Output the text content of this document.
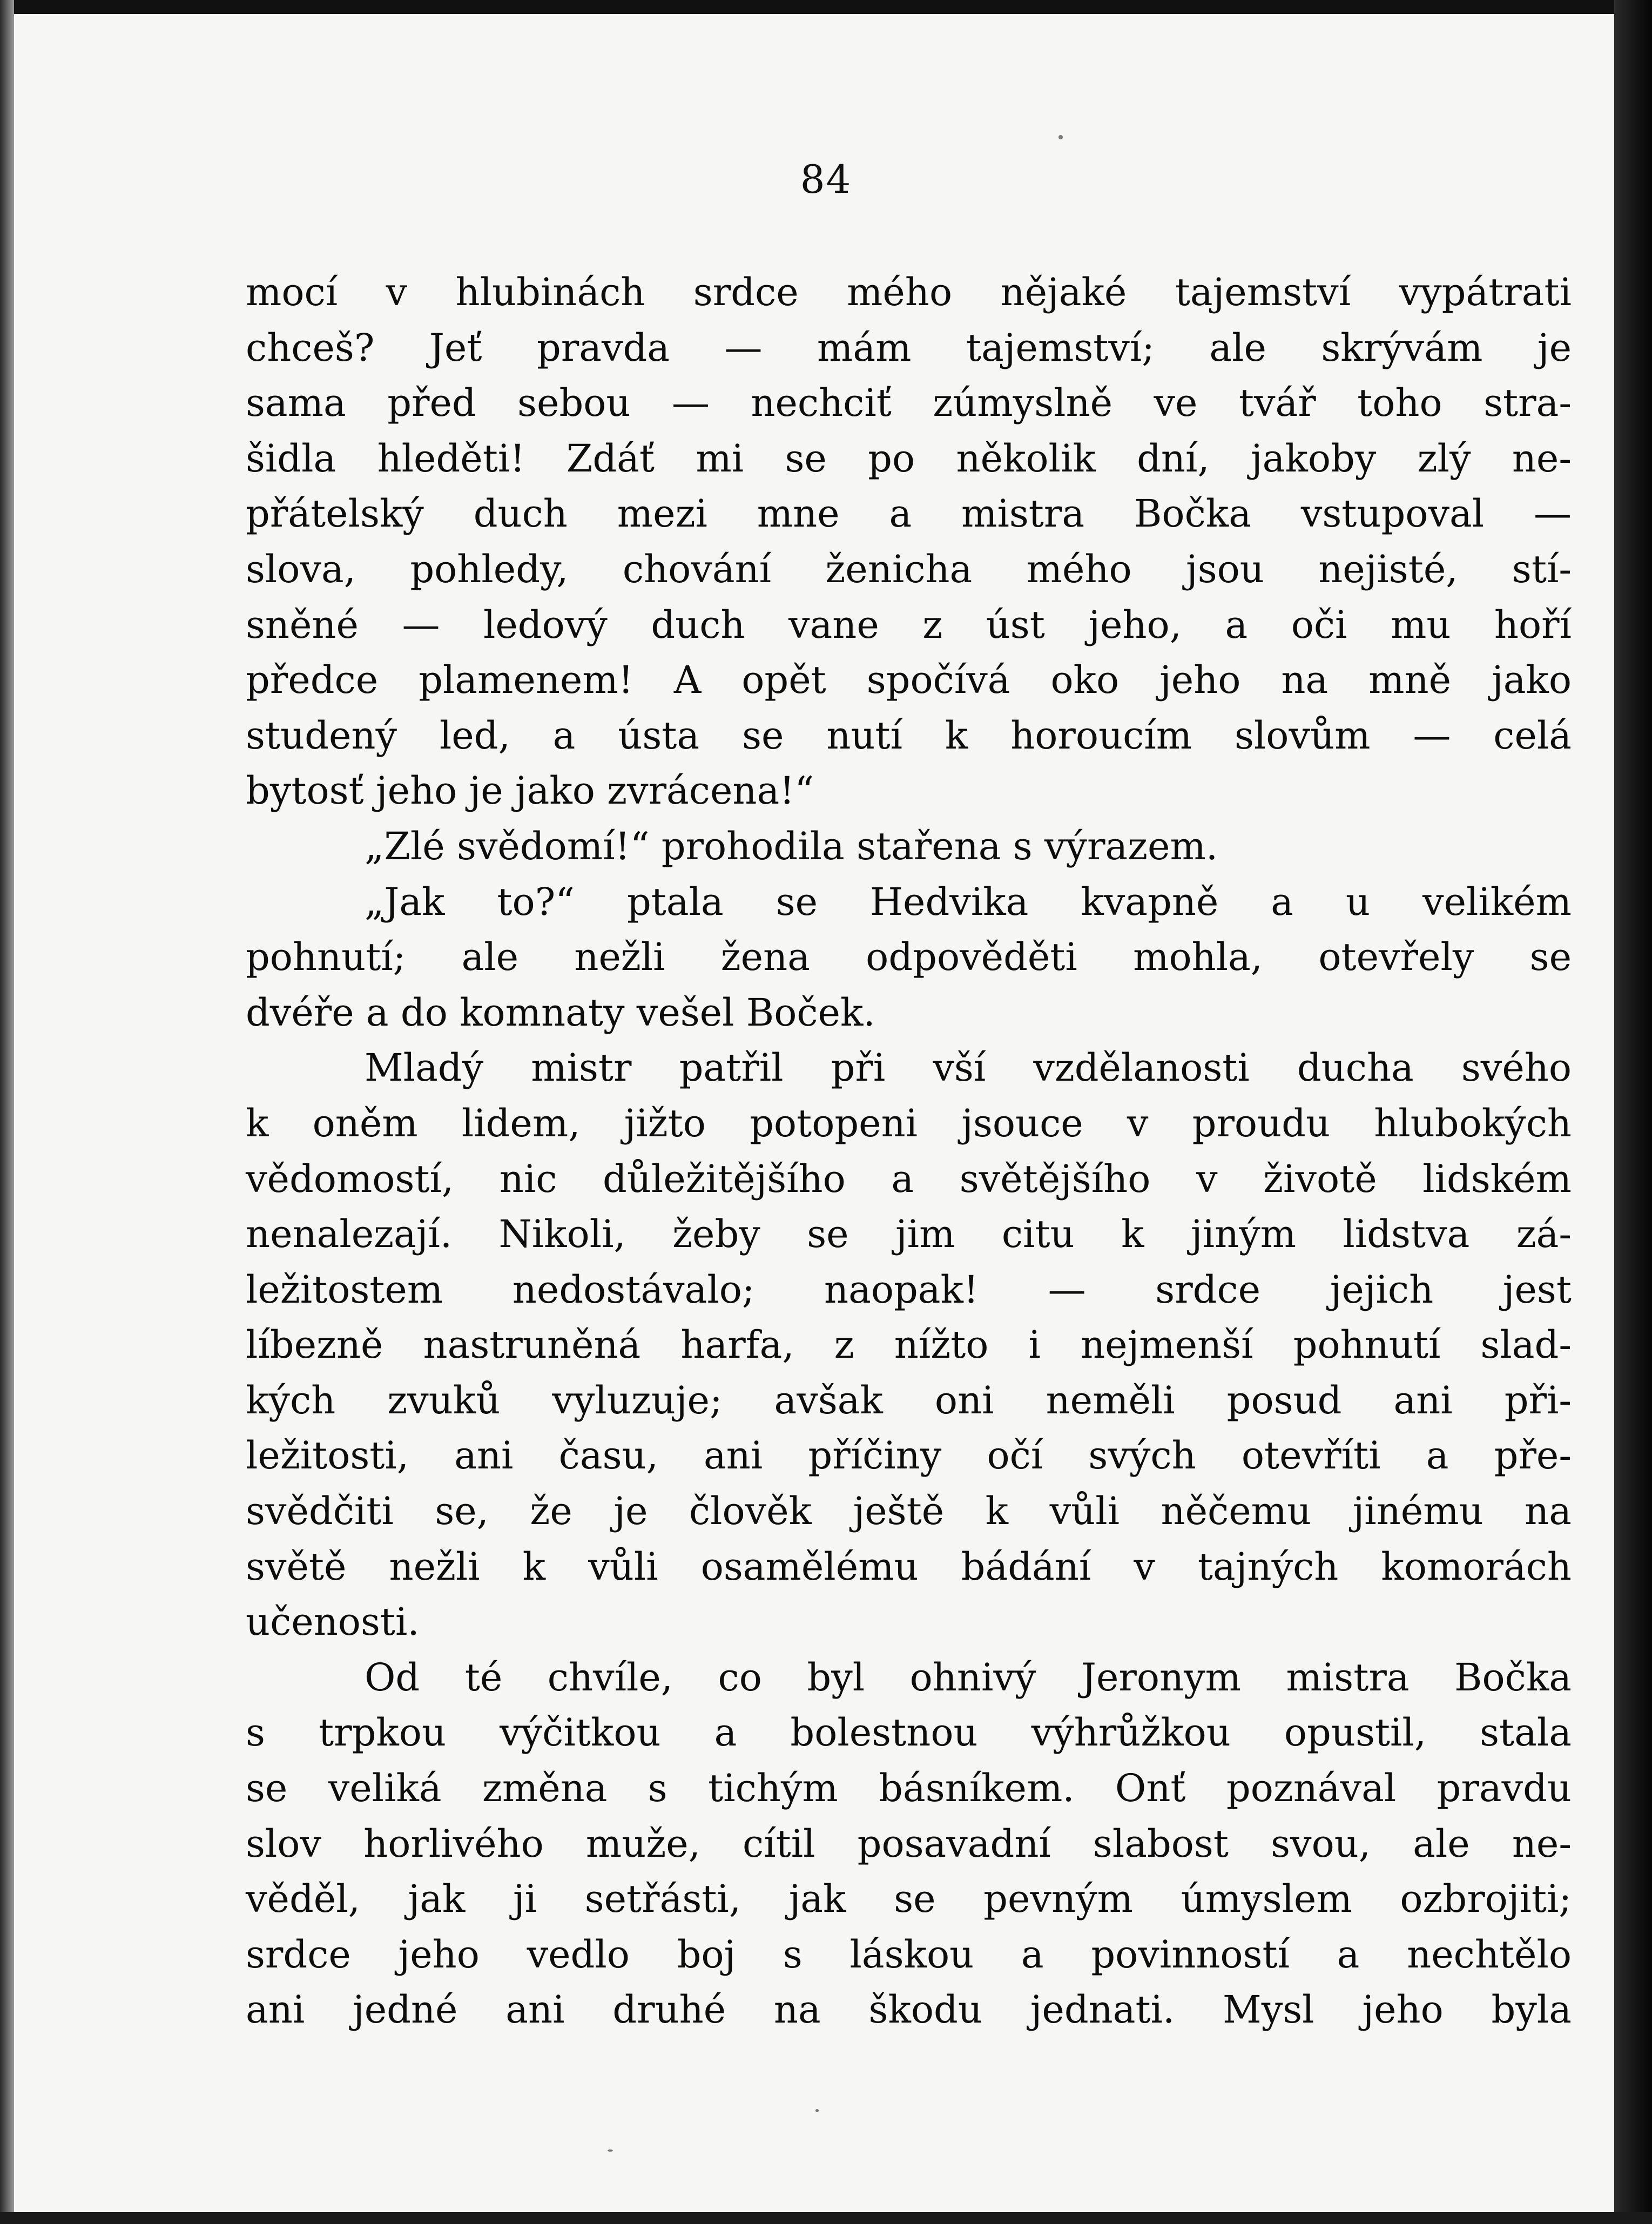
84
mocí v hlubinách srdce mého nějaké tajemství vypátrati
chceš? Jeť pravda — mám tajemství; ale skrývám je
sama před sebou — nechciť zúmyslně ve tvář toho stra-
šidla hleděti! Zdáť mi se po několik dní, jakoby zlý ne-
přátelský duch mezi mne a mistra Bočka vstupoval —
slova, pohledy, chování ženicha mého jsou nejisté, stí-
sněné — ledový duch vane z úst jeho, a oči mu hoří
předce plamenem! A opět spočívá oko jeho na mně jako
studený led, a ústa se nutí k horoucím slovům — celá
bytosť jeho je jako zvrácena!“
„Zlé svědomí!“ prohodila stařena s výrazem.
„Jak to?“ ptala se Hedvika kvapně a u velikém
pohnutí; ale nežli žena odpověděti mohla, otevřely se
dvéře a do komnaty vešel Boček.
Mladý mistr patřil při vší vzdělanosti ducha svého
k oněm lidem, jižto potopeni jsouce v proudu hlubokých
vědomostí, nic důležitějšího a světějšího v životě lidském
nenalezají. Nikoli, žeby se jim citu k jiným lidstva zá-
ležitostem nedostávalo; naopak! — srdce jejich jest
líbezně nastruněná harfa, z nížto i nejmenší pohnutí slad-
kých zvuků vyluzuje; avšak oni neměli posud ani při-
ležitosti, ani času, ani příčiny očí svých otevříti a pře-
svědčiti se, že je člověk ještě k vůli něčemu jinému na
světě nežli k vůli osamělému bádání v tajných komorách
učenosti.
Od té chvíle, co byl ohnivý Jeronym mistra Bočka
s trpkou výčitkou a bolestnou výhrůžkou opustil, stala
se veliká změna s tichým básníkem. Onť poznával pravdu
slov horlivého muže, cítil posavadní slabost svou, ale ne-
věděl, jak ji setřásti, jak se pevným úmyslem ozbrojiti;
srdce jeho vedlo boj s láskou a povinností a nechtělo
ani jedné ani druhé na škodu jednati. Mysl jeho byla
